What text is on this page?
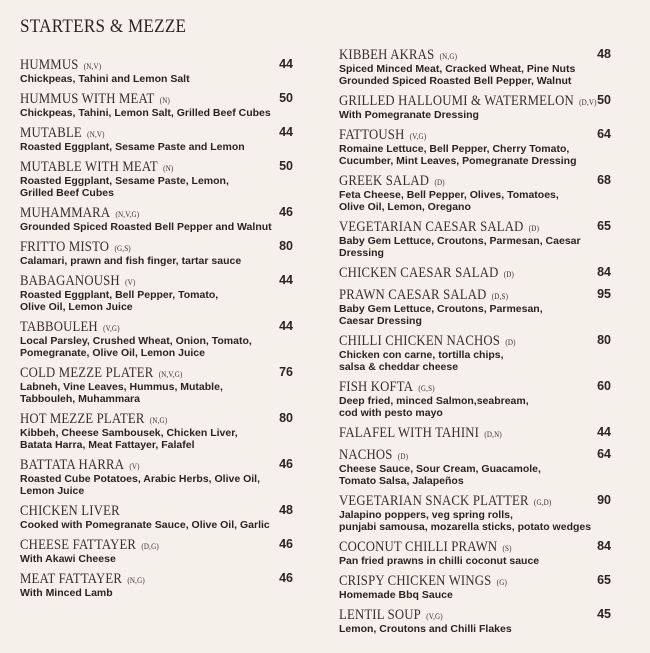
STARTERS & MEZZE
HUMMUS (N,V)	44
Chickpeas, Tahini and Lemon Salt
HUMMUS WITH MEAT (N)	50
Chickpeas, Tahini, Lemon Salt, Grilled Beef Cubes
MUTABLE (N,V)	44
Roasted Eggplant, Sesame Paste and Lemon
MUTABLE WITH MEAT (N)	50
Roasted Eggplant, Sesame Paste, Lemon,
Grilled Beef Cubes
MUHAMMARA (N,V,G)	46
Grounded Spiced Roasted Bell Pepper and Walnut
FRITTO MISTO (G,S)	80
Calamari, prawn and fish finger, tartar sauce
BABAGANOUSH (V)	44
Roasted Eggplant, Bell Pepper, Tomato,
Olive Oil, Lemon Juice
TABBOULEH (V,G)	44
Local Parsley, Crushed Wheat, Onion, Tomato,
Pomegranate, Olive Oil, Lemon Juice
COLD MEZZE PLATER (N,V,G)	76
Labneh, Vine Leaves, Hummus, Mutable,
Tabbouleh, Muhammara
HOT MEZZE PLATER (N,G)	80
Kibbeh, Cheese Sambousek, Chicken Liver,
Batata Harra, Meat Fattayer, Falafel
BATTATA HARRA (V)	46
Roasted Cube Potatoes, Arabic Herbs, Olive Oil,
Lemon Juice
CHICKEN LIVER	48
Cooked with Pomegranate Sauce, Olive Oil, Garlic
CHEESE FATTAYER (D,G)	46
With Akawi Cheese
MEAT FATTAYER (N,G)	46
With Minced Lamb
KIBBEH AKRAS (N,G)	48
Spiced Minced Meat, Cracked Wheat, Pine Nuts
Grounded Spiced Roasted Bell Pepper, Walnut
GRILLED HALLOUMI & WATERMELON (D,V) 50
With Pomegranate Dressing
FATTOUSH (V,G)	64
Romaine Lettuce, Bell Pepper, Cherry Tomato,
Cucumber, Mint Leaves, Pomegranate Dressing
GREEK SALAD (D)	68
Feta Cheese, Bell Pepper, Olives, Tomatoes,
Olive Oil, Lemon, Oregano
VEGETARIAN CAESAR SALAD (D)	65
Baby Gem Lettuce, Croutons, Parmesan, Caesar
Dressing
CHICKEN CAESAR SALAD (D)	84
PRAWN CAESAR SALAD (D,S)	95
Baby Gem Lettuce, Croutons, Parmesan,
Caesar Dressing
CHILLI CHICKEN NACHOS (D)	80
Chicken con carne, tortilla chips,
salsa & cheddar cheese
FISH KOFTA (G,S)	60
Deep fried, minced Salmon,seabream,
cod with pesto mayo
FALAFEL WITH TAHINI (D,N)	44
NACHOS (D)	64
Cheese Sauce, Sour Cream, Guacamole,
Tomato Salsa, Jalapeños
VEGETARIAN SNACK PLATTER (G,D)	90
Jalapino poppers, veg spring rolls,
punjabi samousa, mozarella sticks, potato wedges
COCONUT CHILLI PRAWN (S)	84
Pan fried prawns in chilli coconut sauce
CRISPY CHICKEN WINGS (G)	65
Homemade Bbq Sauce
LENTIL SOUP (V,G)	45
Lemon, Croutons and Chilli Flakes
